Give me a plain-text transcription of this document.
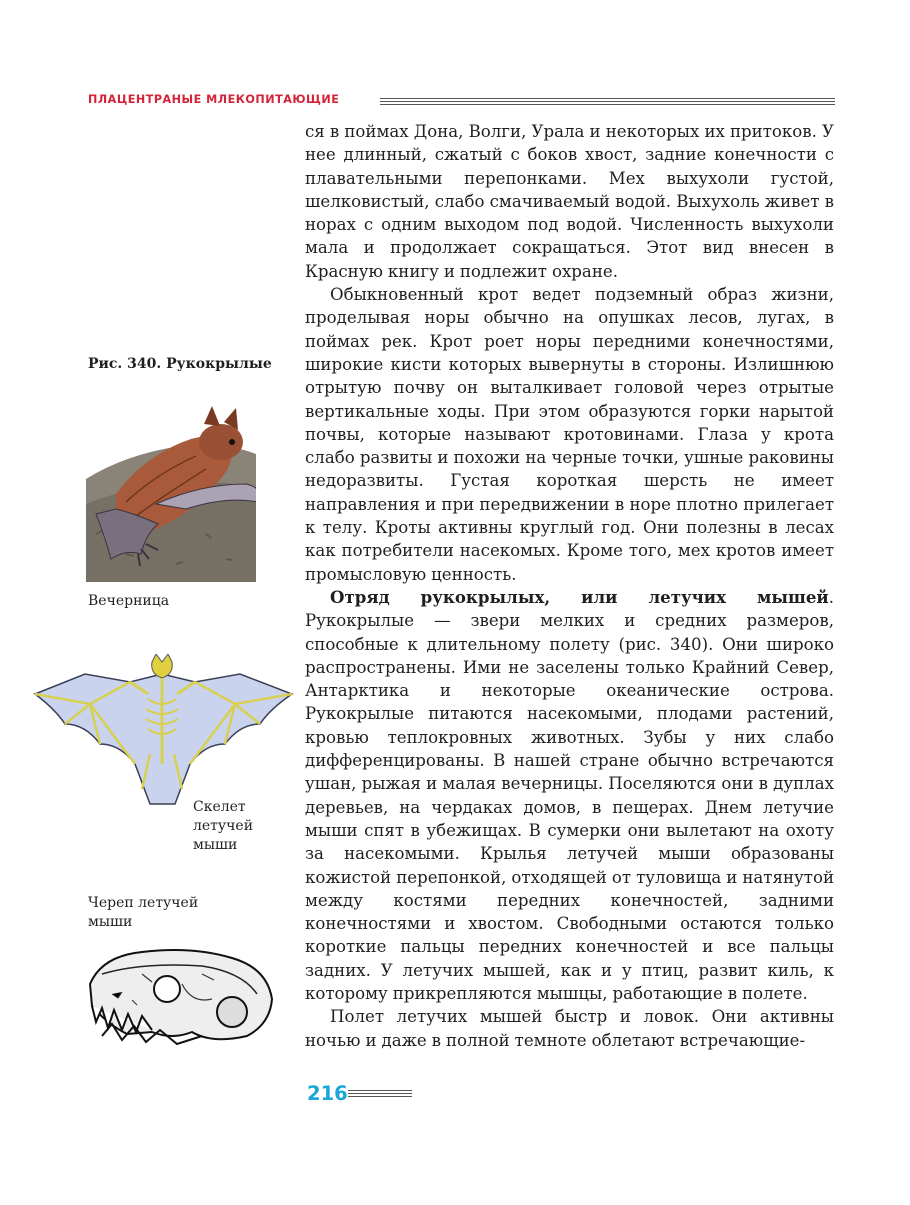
ПЛАЦЕНТРАНЫЕ МЛЕКОПИТАЮЩИЕ

ся в поймах Дона, Волги, Урала и некоторых их притоков. У нее длинный, сжатый с боков хвост, задние конечности с плавательными перепонками. Мех выхухоли густой, шелковистый, слабо смачиваемый водой. Выхухоль живет в норах с одним выходом под водой. Численность выхухоли мала и продолжает сокращаться. Этот вид внесен в Красную книгу и подлежит охране.

Обыкновенный крот ведет подземный образ жизни, проделывая норы обычно на опушках лесов, лугах, в поймах рек. Крот роет норы передними конечностями, широкие кисти которых вывернуты в стороны. Излишнюю отрытую почву он выталкивает головой через отрытые вертикальные ходы. При этом образуются горки нарытой почвы, которые называют кротовинами. Глаза у крота слабо развиты и похожи на черные точки, ушные раковины недоразвиты. Густая короткая шерсть не имеет направления и при передвижении в норе плотно прилегает к телу. Кроты активны круглый год. Они полезны в лесах как потребители насекомых. Кроме того, мех кротов имеет промысловую ценность.

Отряд рукокрылых, или летучих мышей. Рукокрылые — звери мелких и средних размеров, способные к длительному полету (рис. 340). Они широко распространены. Ими не заселены только Крайний Север, Антарктика и некоторые океанические острова. Рукокрылые питаются насекомыми, плодами растений, кровью теплокровных животных. Зубы у них слабо дифференцированы. В нашей стране обычно встречаются ушан, рыжая и малая вечерницы. Поселяются они в дуплах деревьев, на чердаках домов, в пещерах. Днем летучие мыши спят в убежищах. В сумерки они вылетают на охоту за насекомыми. Крылья летучей мыши образованы кожистой перепонкой, отходящей от туловища и натянутой между костями передних конечностей, задними конечностями и хвостом. Свободными остаются только короткие пальцы передних конечностей и все пальцы задних. У летучих мышей, как и у птиц, развит киль, к которому прикрепляются мышцы, работающие в полете.

Полет летучих мышей быстр и ловок. Они активны ночью и даже в полной темноте облетают встречающие-

Рис. 340. Рукокрылые
Вечерница
Скелет летучей мыши
Череп летучей мыши
216
